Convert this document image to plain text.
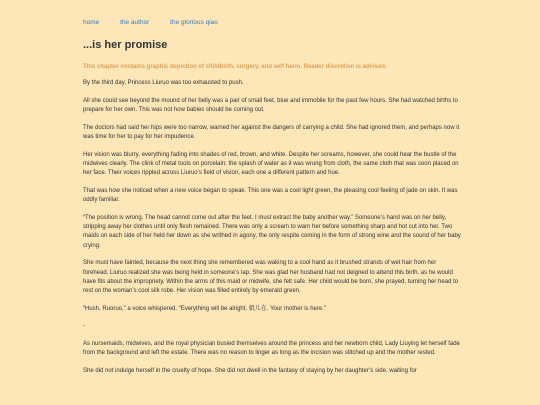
home	the author	the glorious qiao
...is her promise

This chapter contains graphic depiction of childbirth, surgery, and self harm. Reader discretion is advised.

By the third day, Princess Liuruo was too exhausted to push.

All she could see beyond the mound of her belly was a pair of small feet, blue and immobile for the past few hours. She had watched births to prepare for her own. This was not how babies should be coming out.

The doctors had said her hips were too narrow, warned her against the dangers of carrying a child. She had ignored them, and perhaps now it was time for her to pay for her impudence.

Her vision was blurry, everything fading into shades of red, brown, and white. Despite her screams, however, she could hear the bustle of the midwives clearly. The clink of metal tools on porcelain; the splash of water as it was wrung from cloth, the same cloth that was soon placed on her face. Their voices rippled across Liuruo’s field of vision, each one a different pattern and hue.

That was how she noticed when a new voice began to speak. This one was a cool light green, the pleasing cool feeling of jade on skin. It was oddly familiar.

“The position is wrong. The head cannot come out after the feet. I must extract the baby another way.” Someone’s hand was on her belly, stripping away her clothes until only flesh remained. There was only a scream to warn her before something sharp and hot cut into her. Two maids on each side of her held her down as she writhed in agony, the only respite coming in the form of strong wine and the sound of her baby crying.

She must have fainted, because the next thing she remembered was waking to a cool hand as it brushed strands of wet hair from her forehead. Liuruo realized she was being held in someone’s lap. She was glad her husband had not deigned to attend this birth, as he would have fits about the impropriety. Within the arms of this maid or midwife, she felt safe. Her child would be born, she prayed, turning her head to rest on the woman’s cool silk robe. Her vision was filled entirely by emerald green.

“Hush, Ruoruo,” a voice whispered. “Everything will be alright. 娘儿在. Your mother is here.”

-

As nursemaids, midwives, and the royal physician busied themselves around the princess and her newborn child, Lady Liuying let herself fade from the background and left the estate. There was no reason to linger as long as the incision was stitched up and the mother rested.

She did not indulge herself in the cruelty of hope. She did not dwell in the fantasy of staying by her daughter’s side, waiting for
